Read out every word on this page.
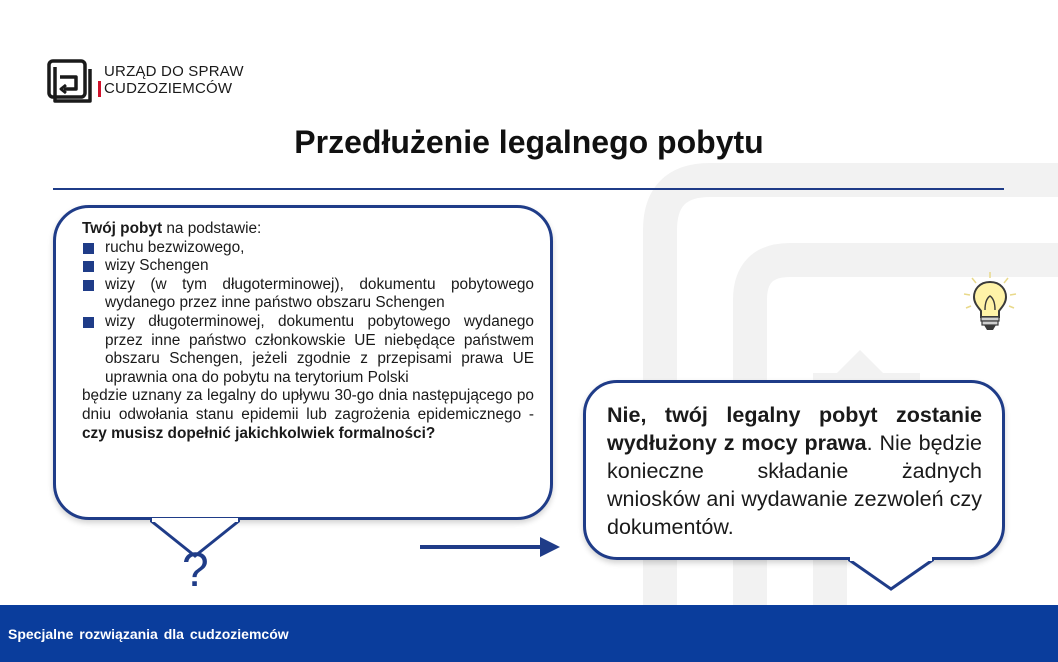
URZĄD DO SPRAW
CUDZOZIEMCÓW
Przedłużenie legalnego pobytu
Twój pobyt na podstawie:
ruchu bezwizowego,
wizy Schengen
wizy (w tym długoterminowej), dokumentu pobytowego wydanego przez inne państwo obszaru Schengen
wizy długoterminowej, dokumentu pobytowego wydanego przez inne państwo członkowskie UE niebędące państwem obszaru Schengen, jeżeli zgodnie z przepisami prawa UE uprawnia ona do pobytu na terytorium Polski
będzie uznany za legalny do upływu 30-go dnia następującego po dniu odwołania stanu epidemii lub zagrożenia epidemicznego - czy musisz dopełnić jakichkolwiek formalności?
?
Nie, twój legalny pobyt zostanie wydłużony z mocy prawa. Nie będzie konieczne składanie żadnych wniosków ani wydawanie zezwoleń czy dokumentów.
Specjalne rozwiązania dla cudzoziemców
